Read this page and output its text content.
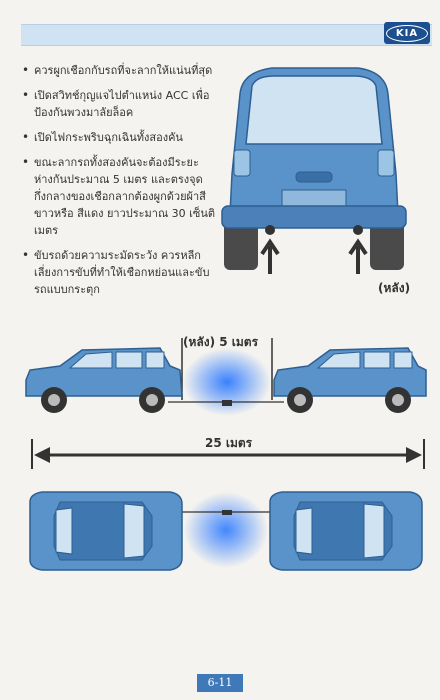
KIA
• ควรผูกเชือกกับรถที่จะลากให้แน่นที่สุด
• เปิดสวิทช์กุญแจไปตำแหน่ง ACC เพื่อป้องกันพวงมาลัยล็อค
• เปิดไฟกระพริบฉุกเฉินทั้งสองคัน
• ขณะลากรถทั้งสองคันจะต้องมีระยะห่างกันประมาณ 5 เมตร และตรงจุดกึ่งกลางของเชือกลากต้องผูกด้วยผ้าสีขาวหรือ สีแดง ยาวประมาณ 30 เซ็นติเมตร
• ขับรถด้วยความระมัดระวัง ควรหลีกเลี่ยงการขับที่ทำให้เชือกหย่อนและขับรถแบบกระตุก	(หลัง)
(หลัง) 5 เมตร
25 เมตร
6-11
